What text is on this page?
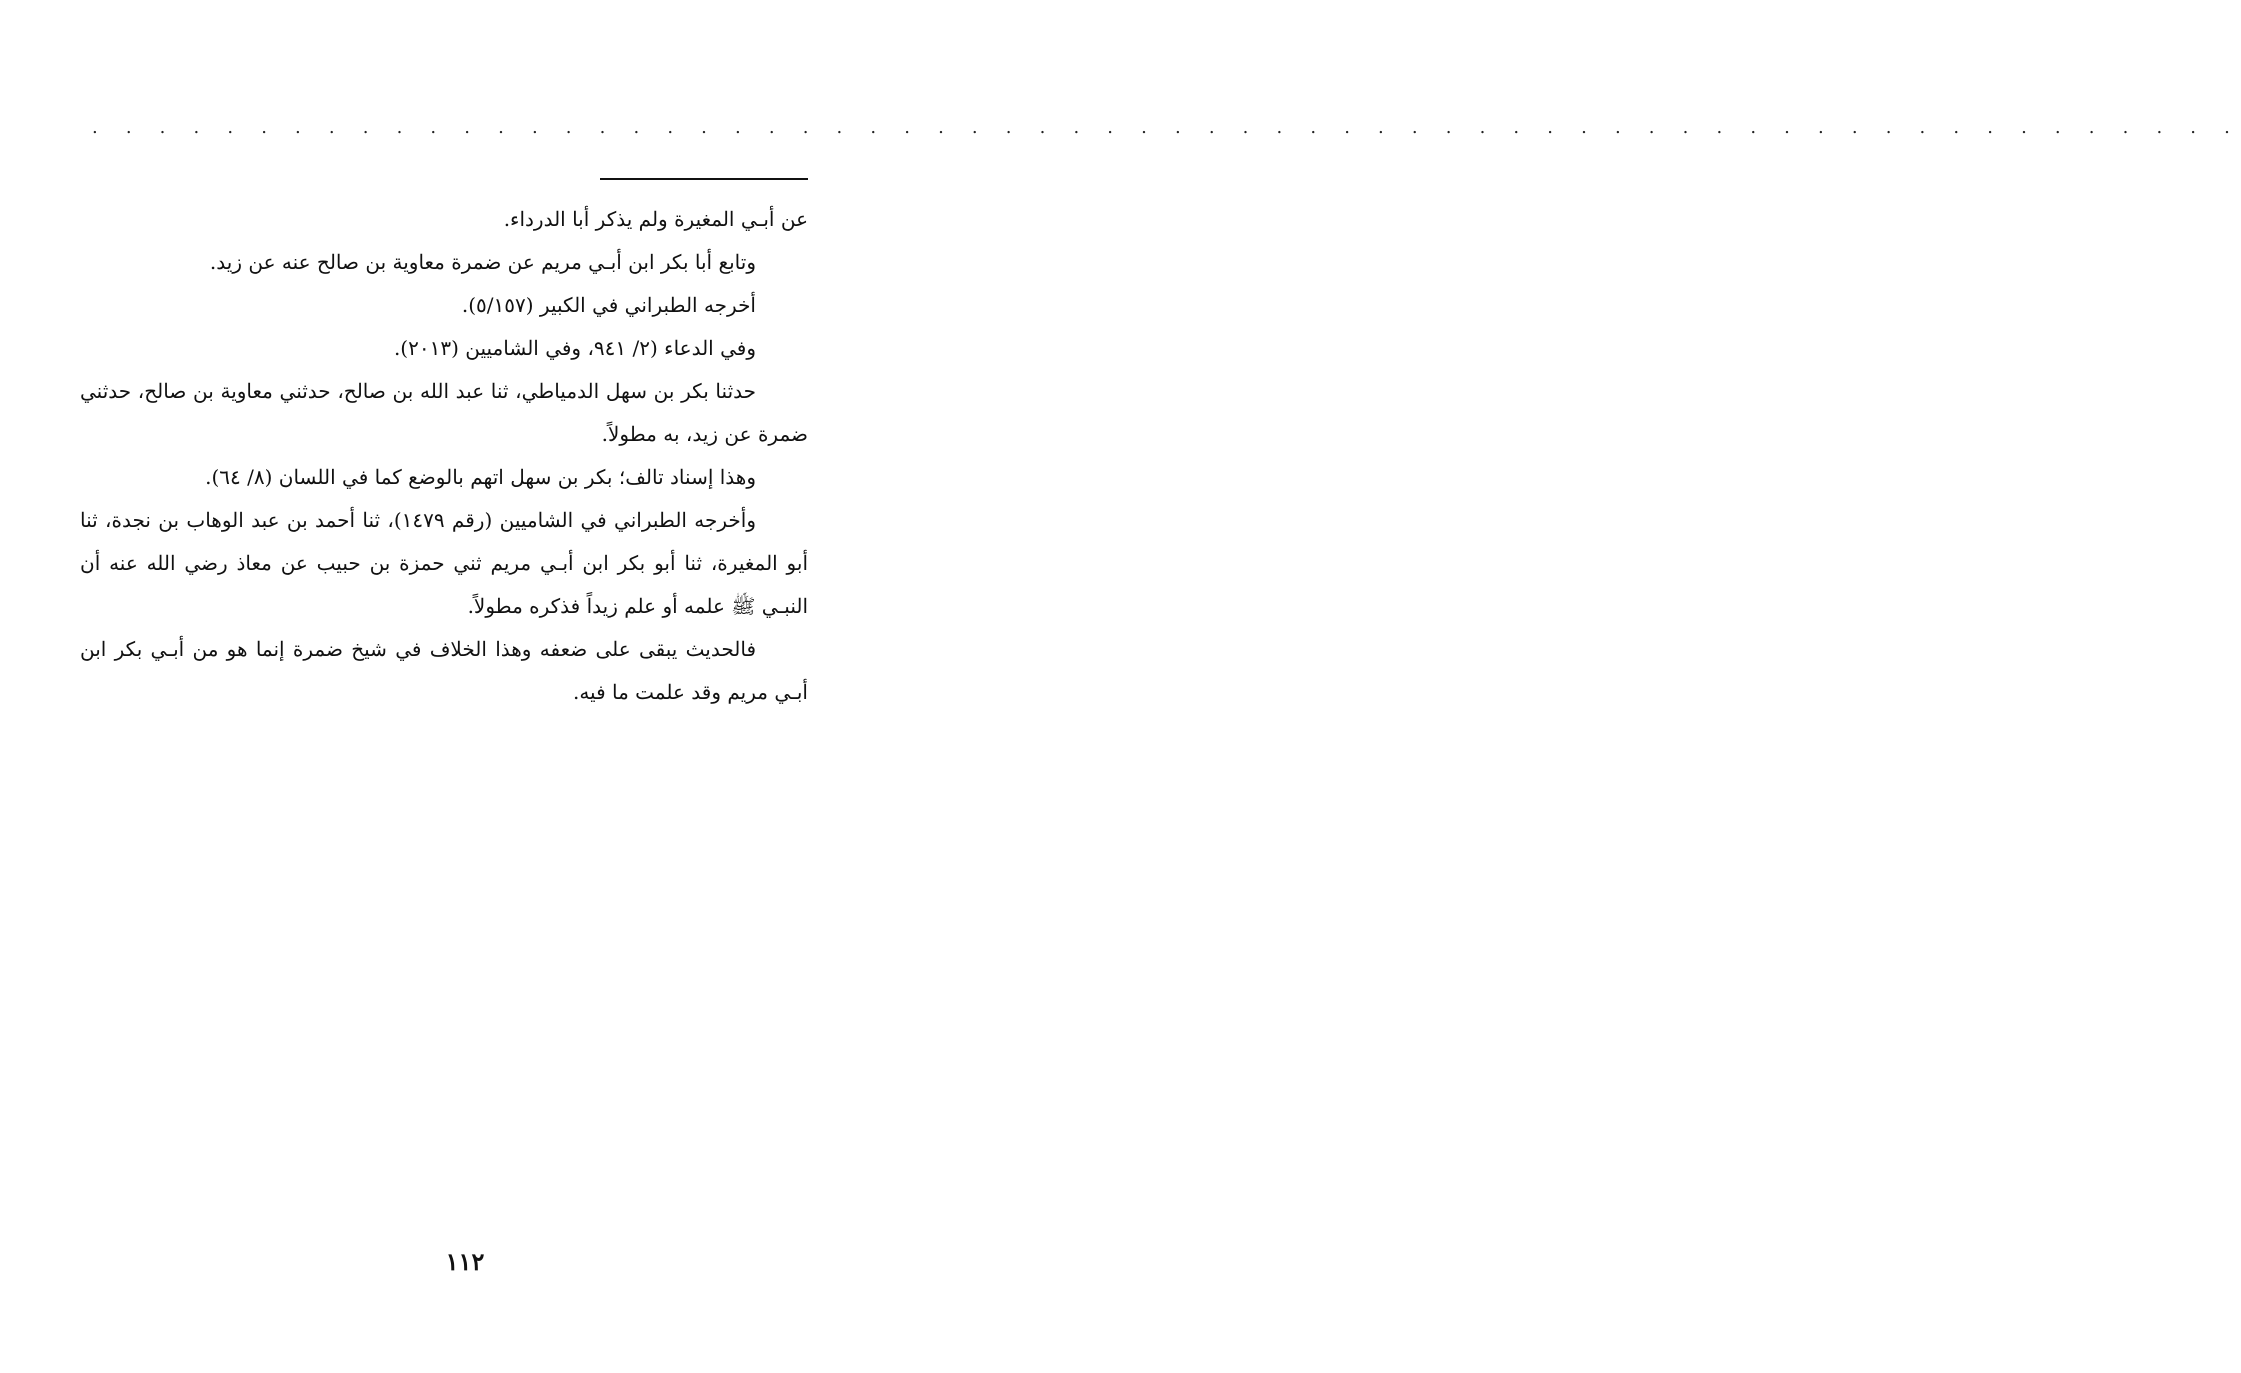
. . . . . . . . . . . . . . . . . . . . . . . . . . . . . . . . . . . . . . . . . . . . . . . . . . . . . . . . . . . . . . . .

عن أبـي المغيرة ولم يذكر أبا الدرداء.

وتابع أبا بكر ابن أبـي مريم عن ضمرة معاوية بن صالح عنه عن زيد.

أخرجه الطبراني في الكبير (٥/١٥٧).

وفي الدعاء (٢/ ٩٤١، وفي الشاميين (٢٠١٣).

حدثنا بكر بن سهل الدمياطي، ثنا عبد الله بن صالح، حدثني معاوية بن صالح، حدثني ضمرة عن زيد، به مطولاً.

وهذا إسناد تالف؛ بكر بن سهل اتهم بالوضع كما في اللسان (٨/ ٦٤).

وأخرجه الطبراني في الشاميين (رقم ١٤٧٩)، ثنا أحمد بن عبد الوهاب بن نجدة، ثنا أبو المغيرة، ثنا أبو بكر ابن أبـي مريم ثني حمزة بن حبيب عن معاذ رضي الله عنه أن النبـي ﷺ علمه أو علم زيداً فذكره مطولاً.

فالحديث يبقى على ضعفه وهذا الخلاف في شيخ ضمرة إنما هو من أبـي بكر ابن أبـي مريم وقد علمت ما فيه.

١١٢
